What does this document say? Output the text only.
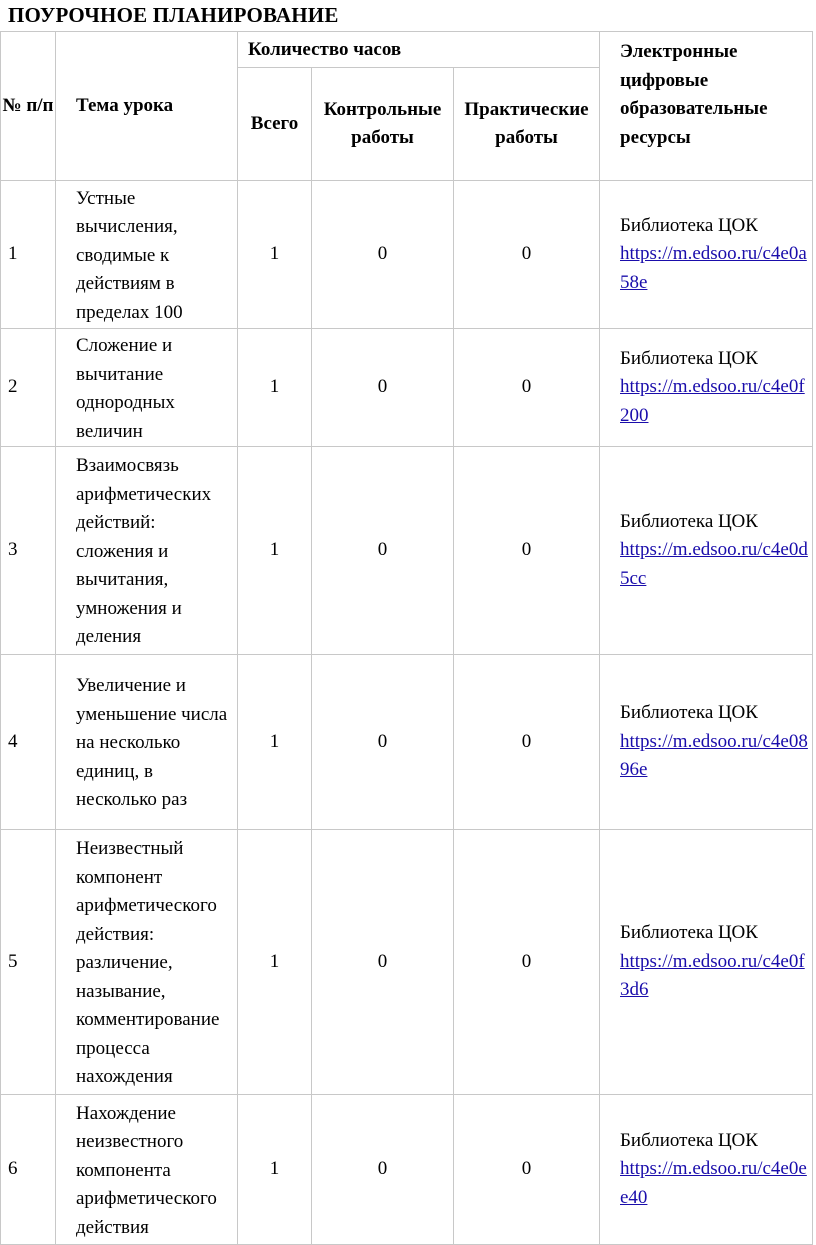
ПОУРОЧНОЕ ПЛАНИРОВАНИЕ
№ п/п	Тема урока	Количество часов			Электронные цифровые образовательные ресурсы
		Всего	Контрольные работы	Практические работы	
1	Устные вычисления, сводимые к действиям в пределах 100	1	0	0	Библиотека ЦОК
https://m.edsoo.ru/c4e0a58e

2	Сложение и вычитание однородных величин	1	0	0	Библиотека ЦОК
https://m.edsoo.ru/c4e0f200

3	Взаимосвязь арифметических действий: сложения и вычитания, умножения и деления	1	0	0	Библиотека ЦОК
https://m.edsoo.ru/c4e0d5cc

4	Увеличение и уменьшение числа на несколько единиц, в несколько раз	1	0	0	Библиотека ЦОК
https://m.edsoo.ru/c4e0896e

5	Неизвестный компонент арифметического действия: различение, называние, комментирование процесса нахождения	1	0	0	Библиотека ЦОК
https://m.edsoo.ru/c4e0f3d6

6	Нахождение неизвестного компонента арифметического действия	1	0	0	Библиотека ЦОК
https://m.edsoo.ru/c4e0ee40
